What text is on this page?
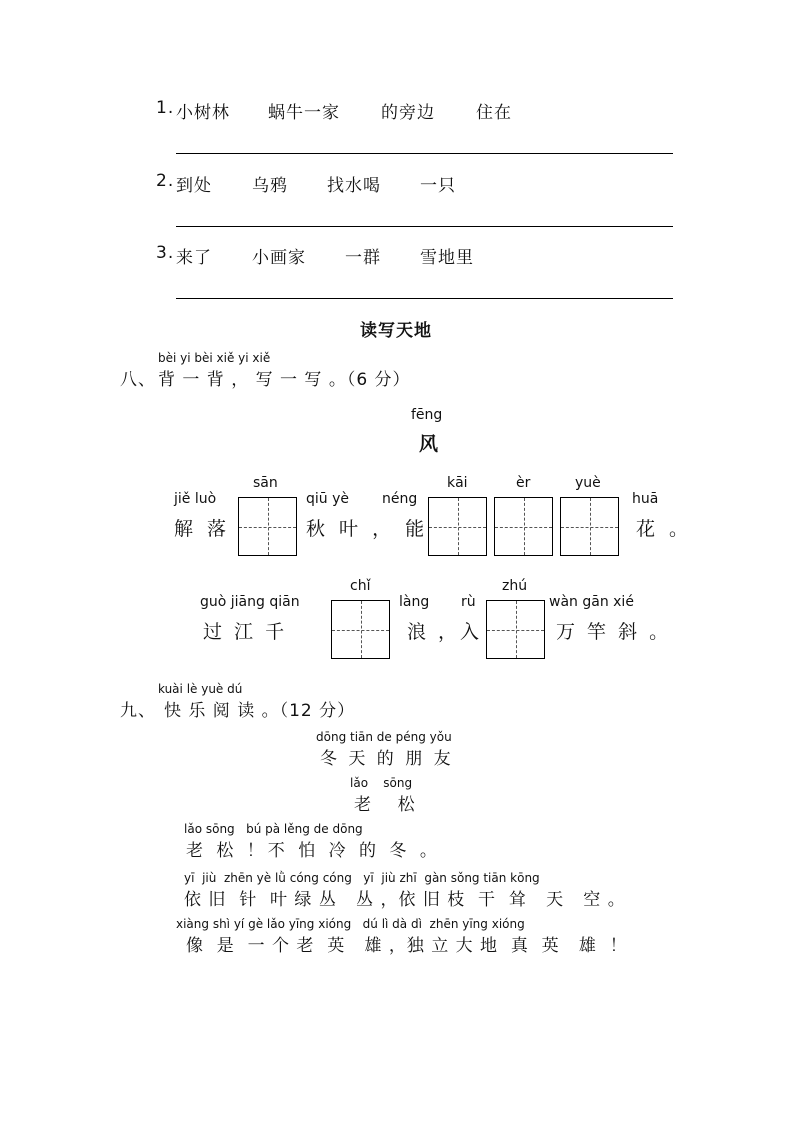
1. 小树林 蜗牛一家 的旁边 住在
2. 到处 乌鸦 找水喝 一只
3. 来了 小画家 一群 雪地里
读写天地
bèi yi bèi xiě yi xiě
八、 背 一 背 ， 写 一 写 。（6 分）
fēng
风
jiě luò
解 落
sān
qiū yè néng
秋 叶 ， 能
kāi	èr	yuè
huā
花 。
guò jiāng qiān
过 江 千
chǐ
làng rù
浪 ，入
zhú
wàn gān xié
万 竿 斜 。
kuài lè yuè dú
九、 快 乐 阅 读 。（12 分）
dōng tiān de péng yǒu
冬 天 的 朋 友
lǎo    sōng
老    松
lǎo sōng   bú pà lěng de dōng
老 松 ！不 怕 冷 的 冬 。
yī  jiù  zhēn yè lǜ cóng cóng   yī  jiù zhī  gàn sǒng tiān kōng
依 旧  针  叶 绿 丛   丛 ，依 旧 枝  干  耸   天   空 。
xiàng shì yí gè lǎo yīng xióng   dú lì dà dì  zhēn yīng xióng
像  是  一 个 老  英   雄 ，独 立 大 地  真  英   雄  ！
